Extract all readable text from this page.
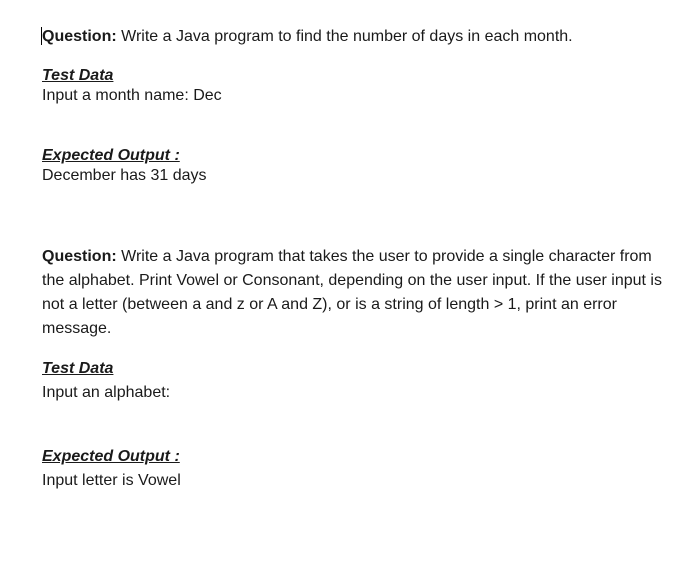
Question: Write a Java program to find the number of days in each month.
Test Data
Input a month name: Dec
Expected Output :
December has 31 days
Question: Write a Java program that takes the user to provide a single character from the alphabet. Print Vowel or Consonant, depending on the user input. If the user input is not a letter (between a and z or A and Z), or is a string of length > 1, print an error message.
Test Data
Input an alphabet:
Expected Output :
Input letter is Vowel
